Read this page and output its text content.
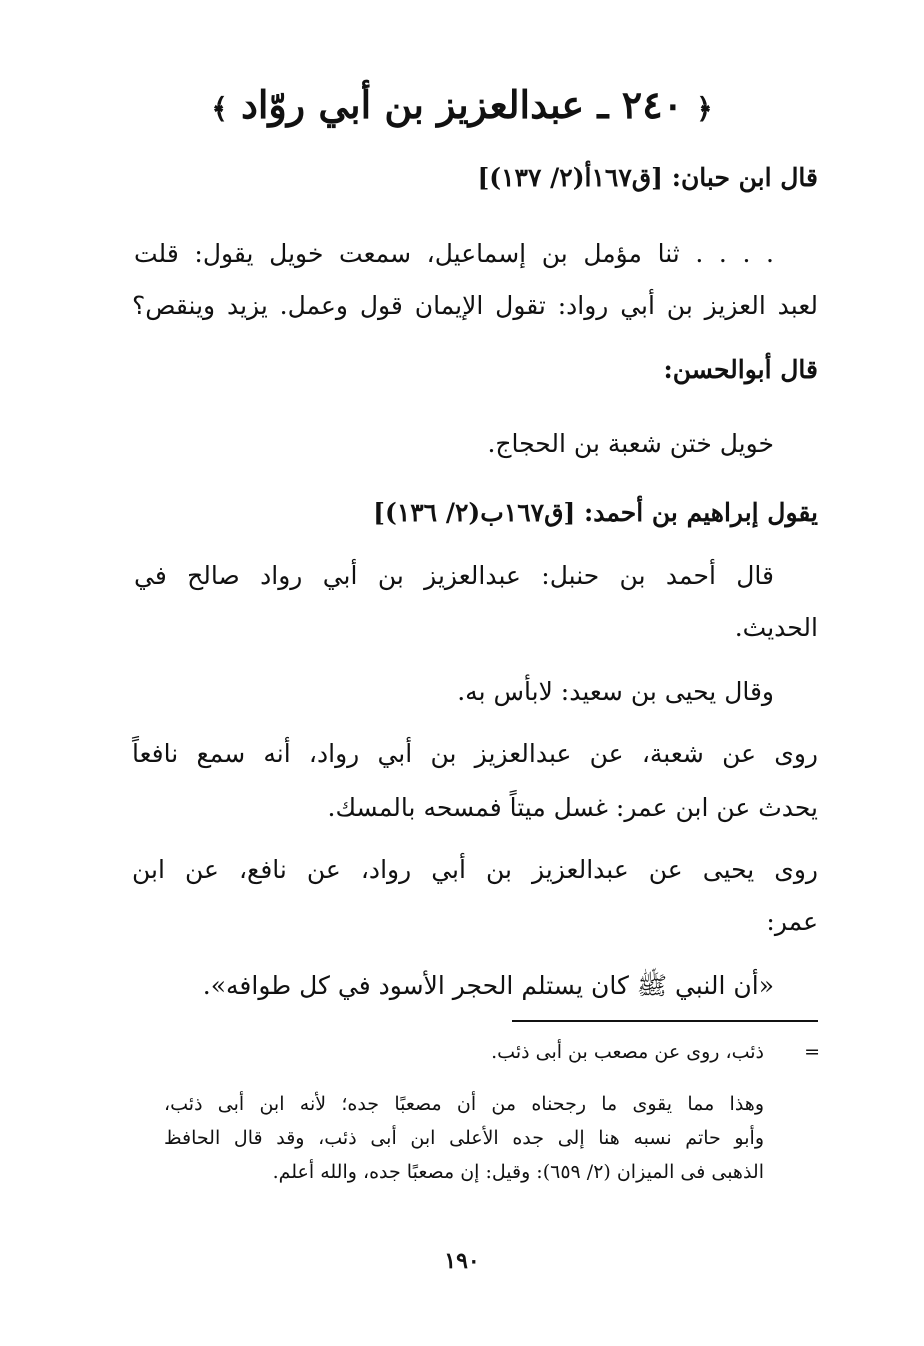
﴿ ٢٤٠ ـ عبدالعزيز بن أبي روّاد ﴾
قال ابن حبان: [ق١٦٧أ(٢/ ١٣٧)]
. . . . ثنا مؤمل بن إسماعيل، سمعت خويل يقول: قلت
لعبد العزيز بن أبي رواد: تقول الإيمان قول وعمل. يزيد وينقص؟
قال أبوالحسن:
خويل ختن شعبة بن الحجاج.
يقول إبراهيم بن أحمد: [ق١٦٧ب(٢/ ١٣٦)]
قال أحمد بن حنبل: عبدالعزيز بن أبي رواد صالح في
الحديث.
وقال يحيى بن سعيد: لابأس به.
روى عن شعبة، عن عبدالعزيز بن أبي رواد، أنه سمع نافعاً
يحدث عن ابن عمر: غسل ميتاً فمسحه بالمسك.
روى يحيى عن عبدالعزيز بن أبي رواد، عن نافع، عن ابن
عمر:
«أن النبي ﷺ كان يستلم الحجر الأسود في كل طوافه».
=
ذئب، روى عن مصعب بن أبى ذئب.
وهذا مما يقوى ما رجحناه من أن مصعبًا جده؛ لأنه ابن أبى ذئب،
وأبو حاتم نسبه هنا إلى جده الأعلى ابن أبى ذئب، وقد قال الحافظ
الذهبى فى الميزان (٢/ ٦٥٩): وقيل: إن مصعبًا جده، والله أعلم.
١٩٠
